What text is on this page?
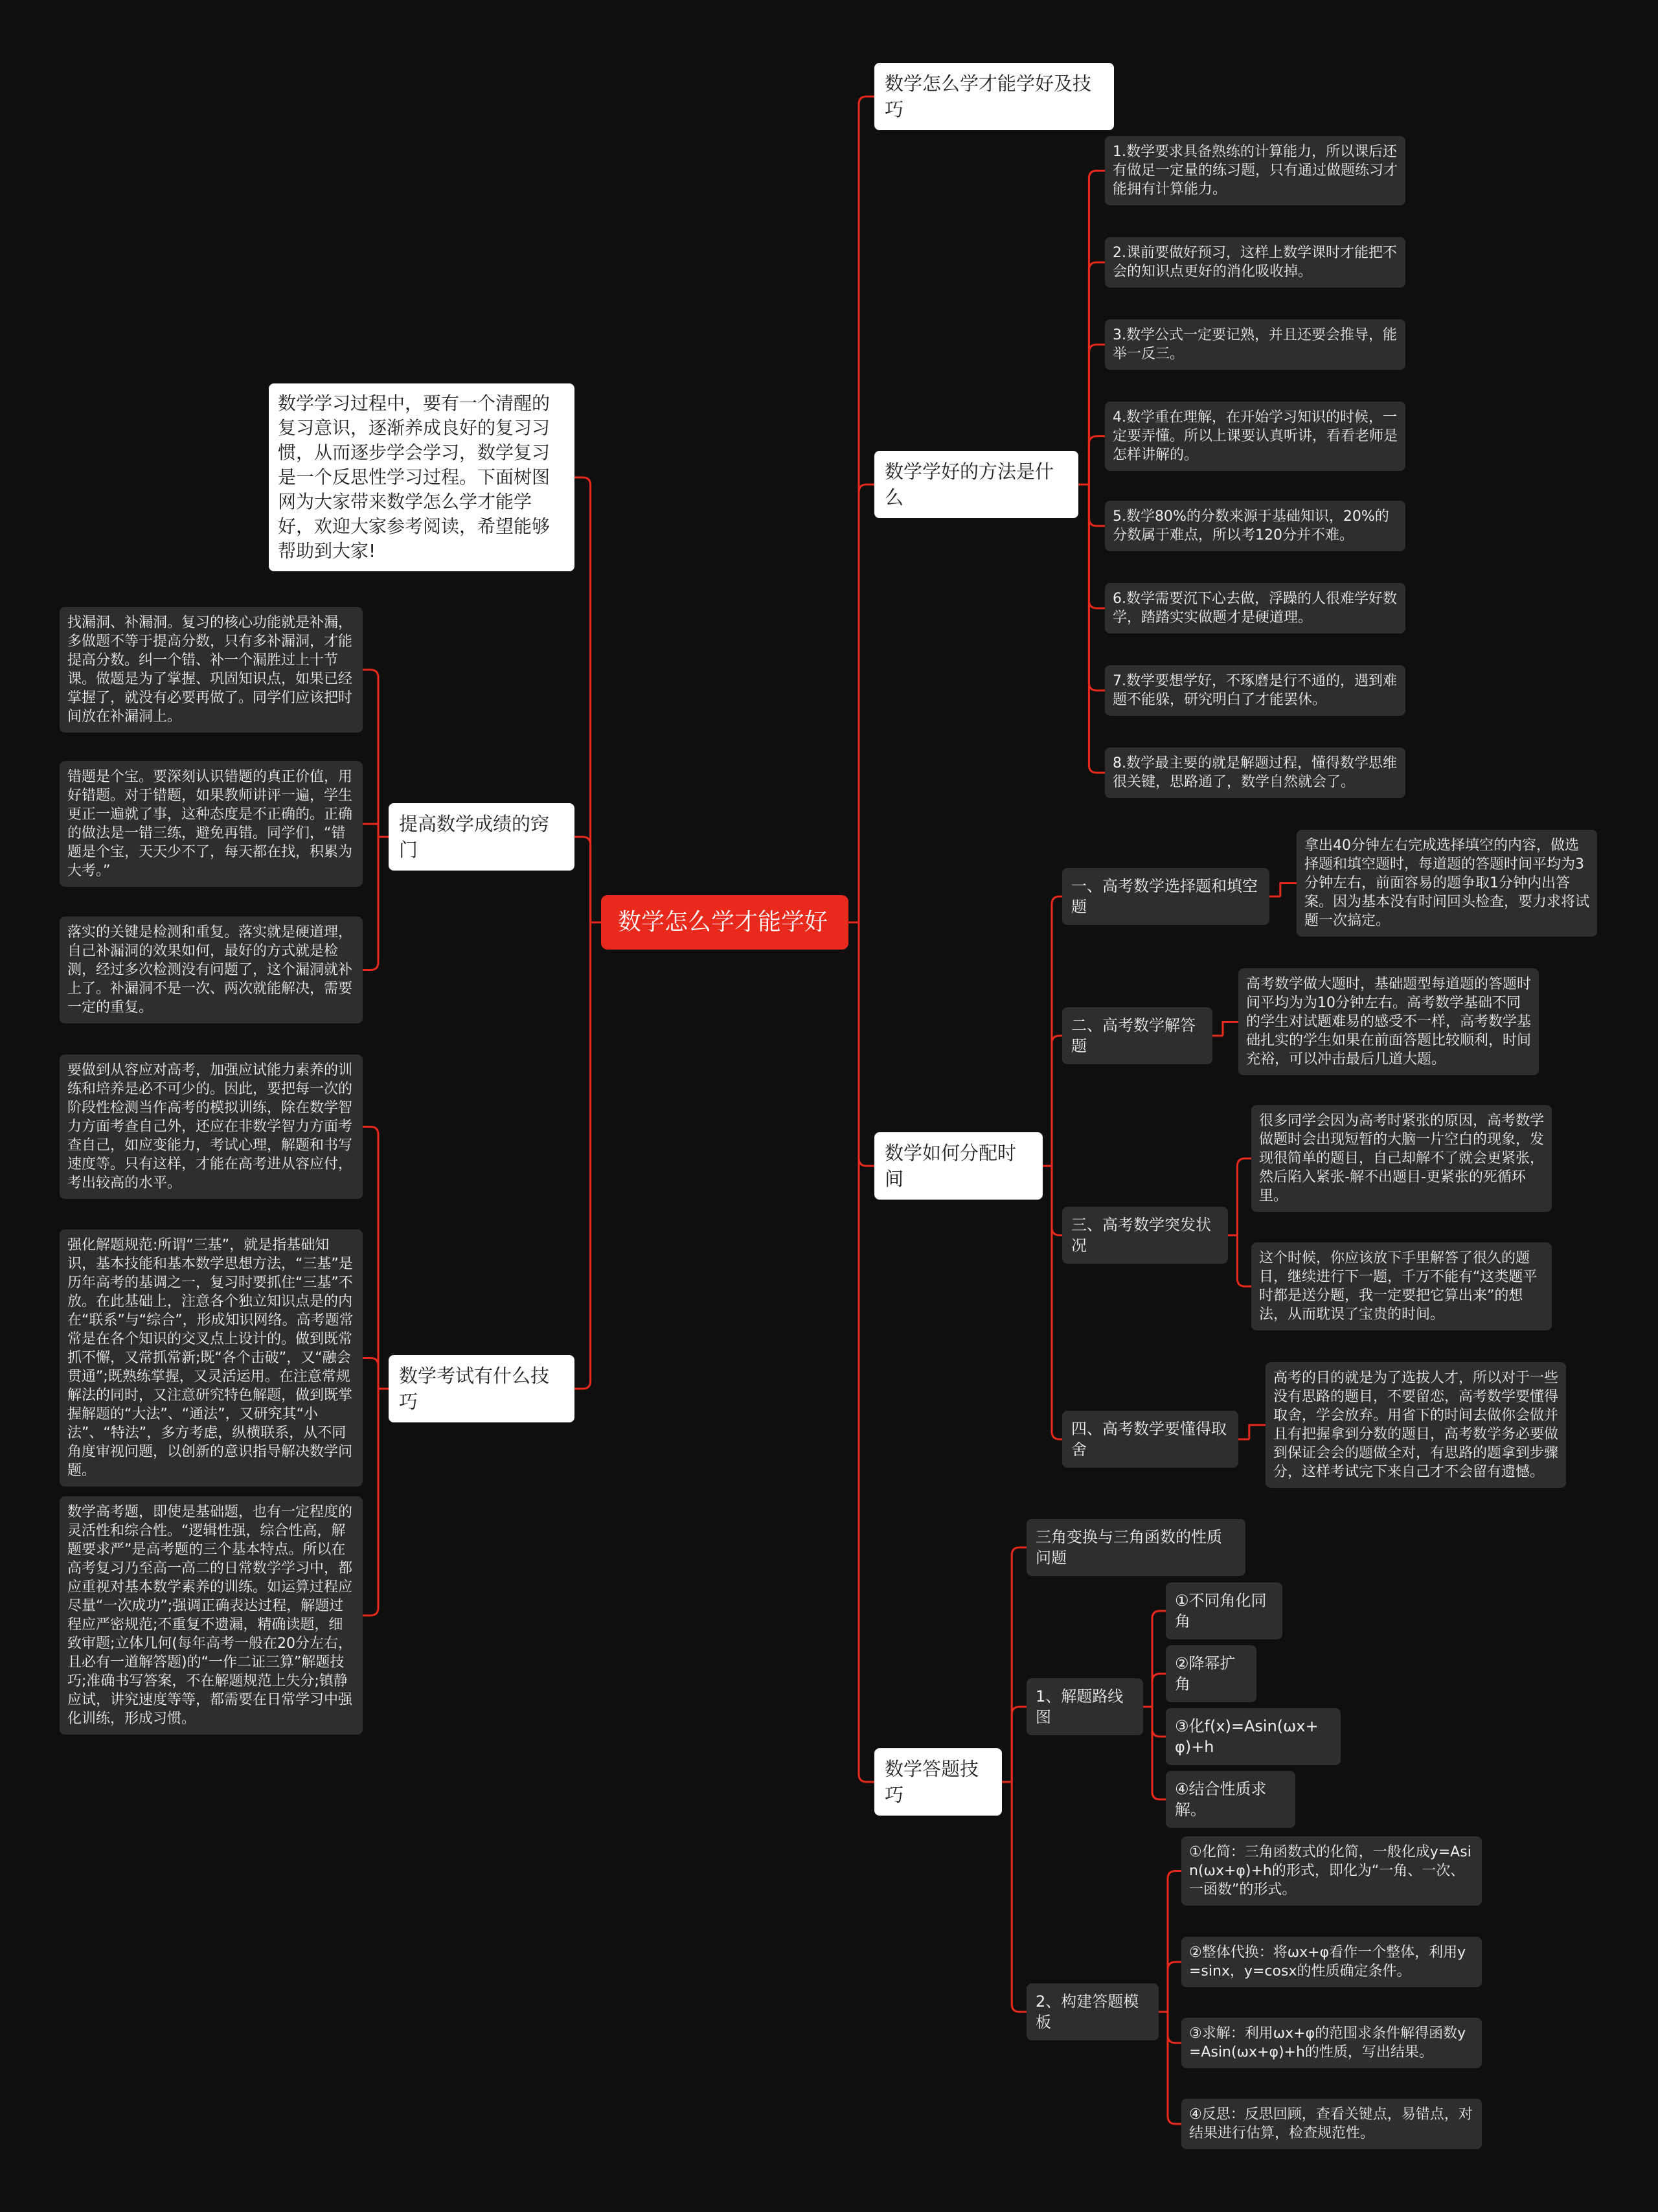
数学怎么学才能学好
数学学习过程中，要有一个清醒的复习意识，逐渐养成良好的复习习惯，从而逐步学会学习，数学复习是一个反思性学习过程。下面树图网为大家带来数学怎么学才能学好，欢迎大家参考阅读，希望能够帮助到大家!
提高数学成绩的窍门
找漏洞、补漏洞。复习的核心功能就是补漏，多做题不等于提高分数，只有多补漏洞，才能提高分数。纠一个错、补一个漏胜过上十节课。做题是为了掌握、巩固知识点，如果已经掌握了，就没有必要再做了。同学们应该把时间放在补漏洞上。
错题是个宝。要深刻认识错题的真正价值，用好错题。对于错题，如果教师讲评一遍，学生更正一遍就了事，这种态度是不正确的。正确的做法是一错三练，避免再错。同学们，“错题是个宝，天天少不了，每天都在找，积累为大考。”
落实的关键是检测和重复。落实就是硬道理，自己补漏洞的效果如何，最好的方式就是检测，经过多次检测没有问题了，这个漏洞就补上了。补漏洞不是一次、两次就能解决，需要一定的重复。
数学考试有什么技巧
要做到从容应对高考，加强应试能力素养的训练和培养是必不可少的。因此，要把每一次的阶段性检测当作高考的模拟训练，除在数学智力方面考查自己外，还应在非数学智力方面考查自己，如应变能力，考试心理，解题和书写速度等。只有这样，才能在高考进从容应付，考出较高的水平。
强化解题规范:所谓“三基”，就是指基础知识，基本技能和基本数学思想方法，“三基”是历年高考的基调之一，复习时要抓住“三基”不放。在此基础上，注意各个独立知识点是的内在“联系”与“综合”，形成知识网络。高考题常常是在各个知识的交叉点上设计的。做到既常抓不懈，又常抓常新;既“各个击破”，又“融会贯通”;既熟练掌握，又灵活运用。在注意常规解法的同时，又注意研究特色解题，做到既掌握解题的“大法”、“通法”，又研究其“小法”、“特法”，多方考虑，纵横联系，从不同角度审视问题，以创新的意识指导解决数学问题。
数学高考题，即使是基础题，也有一定程度的灵活性和综合性。“逻辑性强，综合性高，解题要求严”是高考题的三个基本特点。所以在高考复习乃至高一高二的日常数学学习中，都应重视对基本数学素养的训练。如运算过程应尽量“一次成功”;强调正确表达过程，解题过程应严密规范;不重复不遗漏，精确读题，细致审题;立体几何(每年高考一般在20分左右，且必有一道解答题)的“一作二证三算”解题技巧;准确书写答案，不在解题规范上失分;镇静应试，讲究速度等等，都需要在日常学习中强化训练，形成习惯。
数学怎么学才能学好及技巧
数学学好的方法是什么
1.数学要求具备熟练的计算能力，所以课后还有做足一定量的练习题，只有通过做题练习才能拥有计算能力。
2.课前要做好预习，这样上数学课时才能把不会的知识点更好的消化吸收掉。
3.数学公式一定要记熟，并且还要会推导，能举一反三。
4.数学重在理解，在开始学习知识的时候，一定要弄懂。所以上课要认真听讲，看看老师是怎样讲解的。
5.数学80%的分数来源于基础知识，20%的分数属于难点，所以考120分并不难。
6.数学需要沉下心去做，浮躁的人很难学好数学，踏踏实实做题才是硬道理。
7.数学要想学好，不琢磨是行不通的，遇到难题不能躲，研究明白了才能罢休。
8.数学最主要的就是解题过程，懂得数学思维很关键，思路通了，数学自然就会了。
数学如何分配时间
一、高考数学选择题和填空题
拿出40分钟左右完成选择填空的内容，做选择题和填空题时，每道题的答题时间平均为3分钟左右，前面容易的题争取1分钟内出答案。因为基本没有时间回头检查，要力求将试题一次搞定。
二、高考数学解答题
高考数学做大题时，基础题型每道题的答题时间平均为为10分钟左右。高考数学基础不同的学生对试题难易的感受不一样，高考数学基础扎实的学生如果在前面答题比较顺利，时间充裕，可以冲击最后几道大题。
三、高考数学突发状况
很多同学会因为高考时紧张的原因，高考数学做题时会出现短暂的大脑一片空白的现象，发现很简单的题目，自己却解不了就会更紧张，然后陷入紧张-解不出题目-更紧张的死循环里。
这个时候，你应该放下手里解答了很久的题目，继续进行下一题，千万不能有“这类题平时都是送分题，我一定要把它算出来”的想法，从而耽误了宝贵的时间。
四、高考数学要懂得取舍
高考的目的就是为了选拔人才，所以对于一些没有思路的题目，不要留恋，高考数学要懂得取舍，学会放弃。用省下的时间去做你会做并且有把握拿到分数的题目，高考数学务必要做到保证会会的题做全对，有思路的题拿到步骤分，这样考试完下来自己才不会留有遗憾。
数学答题技巧
三角变换与三角函数的性质问题
1、解题路线图
①不同角化同角
②降幂扩角
③化f(x)=Asin(ωx+φ)+h
④结合性质求解。
2、构建答题模板
①化简：三角函数式的化简，一般化成y=Asin(ωx+φ)+h的形式，即化为“一角、一次、一函数”的形式。
②整体代换：将ωx+φ看作一个整体，利用y=sinx，y=cosx的性质确定条件。
③求解：利用ωx+φ的范围求条件解得函数y=Asin(ωx+φ)+h的性质，写出结果。
④反思：反思回顾，查看关键点，易错点，对结果进行估算，检查规范性。
